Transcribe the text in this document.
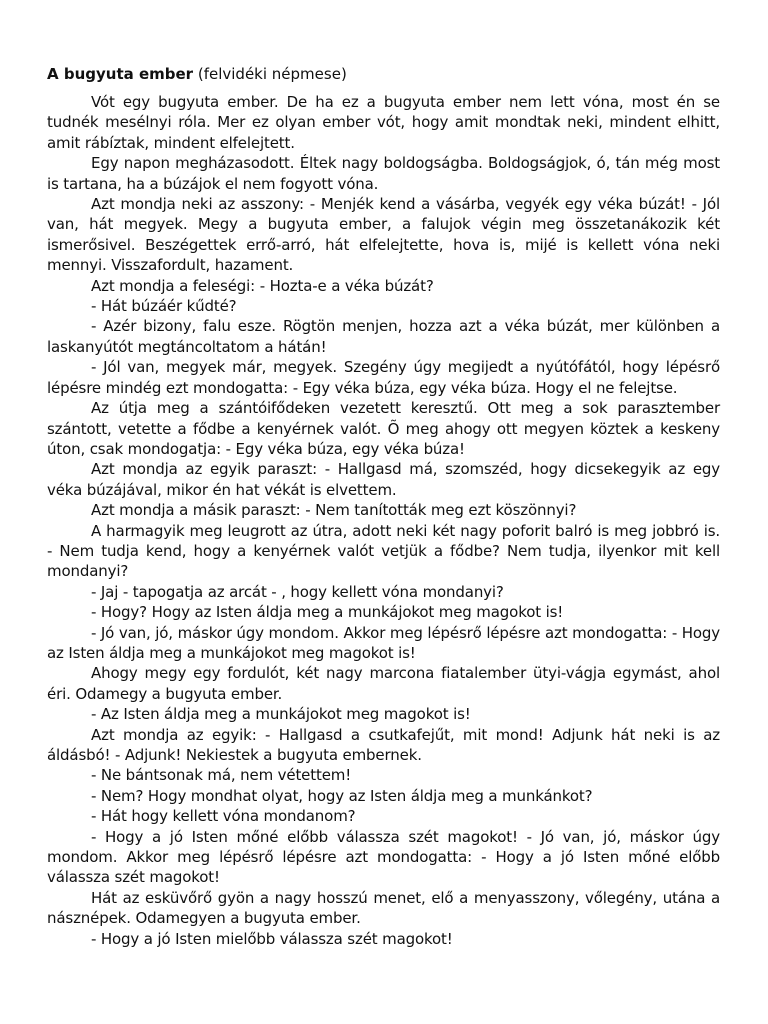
A bugyuta ember (felvidéki népmese)

Vót egy bugyuta ember. De ha ez a bugyuta ember nem lett vóna, most én se tudnék mesélnyi róla. Mer ez olyan ember vót, hogy amit mondtak neki, mindent elhitt, amit rábíztak, mindent elfelejtett.

Egy napon megházasodott. Éltek nagy boldogságba. Boldogságjok, ó, tán még most is tartana, ha a búzájok el nem fogyott vóna.

Azt mondja neki az asszony: - Menjék kend a vásárba, vegyék egy véka búzát! - Jól van, hát megyek. Megy a bugyuta ember, a falujok végin meg összetanákozik két ismerősivel. Beszégettek errő-arró, hát elfelejtette, hova is, mijé is kellett vóna neki mennyi. Visszafordult, hazament.

Azt mondja a feleségi: - Hozta-e a véka búzát?

- Hát búzáér kűdté?

- Azér bizony, falu esze. Rögtön menjen, hozza azt a véka búzát, mer különben a laskanyútót megtáncoltatom a hátán!

- Jól van, megyek már, megyek. Szegény úgy megijedt a nyútófától, hogy lépésrő lépésre mindég ezt mondogatta: - Egy véka búza, egy véka búza. Hogy el ne felejtse.

Az útja meg a szántóifődeken vezetett keresztű. Ott meg a sok parasztember szántott, vetette a fődbe a kenyérnek valót. Õ meg ahogy ott megyen köztek a keskeny úton, csak mondogatja: - Egy véka búza, egy véka búza!

Azt mondja az egyik paraszt: - Hallgasd má, szomszéd, hogy dicsekegyik az egy véka búzájával, mikor én hat vékát is elvettem.

Azt mondja a másik paraszt: - Nem tanították meg ezt köszönnyi?

A harmagyik meg leugrott az útra, adott neki két nagy poforit balró is meg jobbró is. - Nem tudja kend, hogy a kenyérnek valót vetjük a fődbe? Nem tudja, ilyenkor mit kell mondanyi?

- Jaj - tapogatja az arcát - , hogy kellett vóna mondanyi?

- Hogy? Hogy az Isten áldja meg a munkájokot meg magokot is!

- Jó van, jó, máskor úgy mondom. Akkor meg lépésrő lépésre azt mondogatta: - Hogy az Isten áldja meg a munkájokot meg magokot is!

Ahogy megy egy fordulót, két nagy marcona fiatalember ütyi-vágja egymást, ahol éri. Odamegy a bugyuta ember.

- Az Isten áldja meg a munkájokot meg magokot is!

Azt mondja az egyik: - Hallgasd a csutkafejűt, mit mond! Adjunk hát neki is az áldásbó! - Adjunk! Nekiestek a bugyuta embernek.

- Ne bántsonak má, nem vétettem!

- Nem? Hogy mondhat olyat, hogy az Isten áldja meg a munkánkot?

- Hát hogy kellett vóna mondanom?

- Hogy a jó Isten mőné előbb válassza szét magokot! - Jó van, jó, máskor úgy mondom. Akkor meg lépésrő lépésre azt mondogatta: - Hogy a jó Isten mőné előbb válassza szét magokot!

Hát az esküvőrő gyön a nagy hosszú menet, elő a menyasszony, vőlegény, utána a násznépek. Odamegyen a bugyuta ember.

- Hogy a jó Isten mielőbb válassza szét magokot!
